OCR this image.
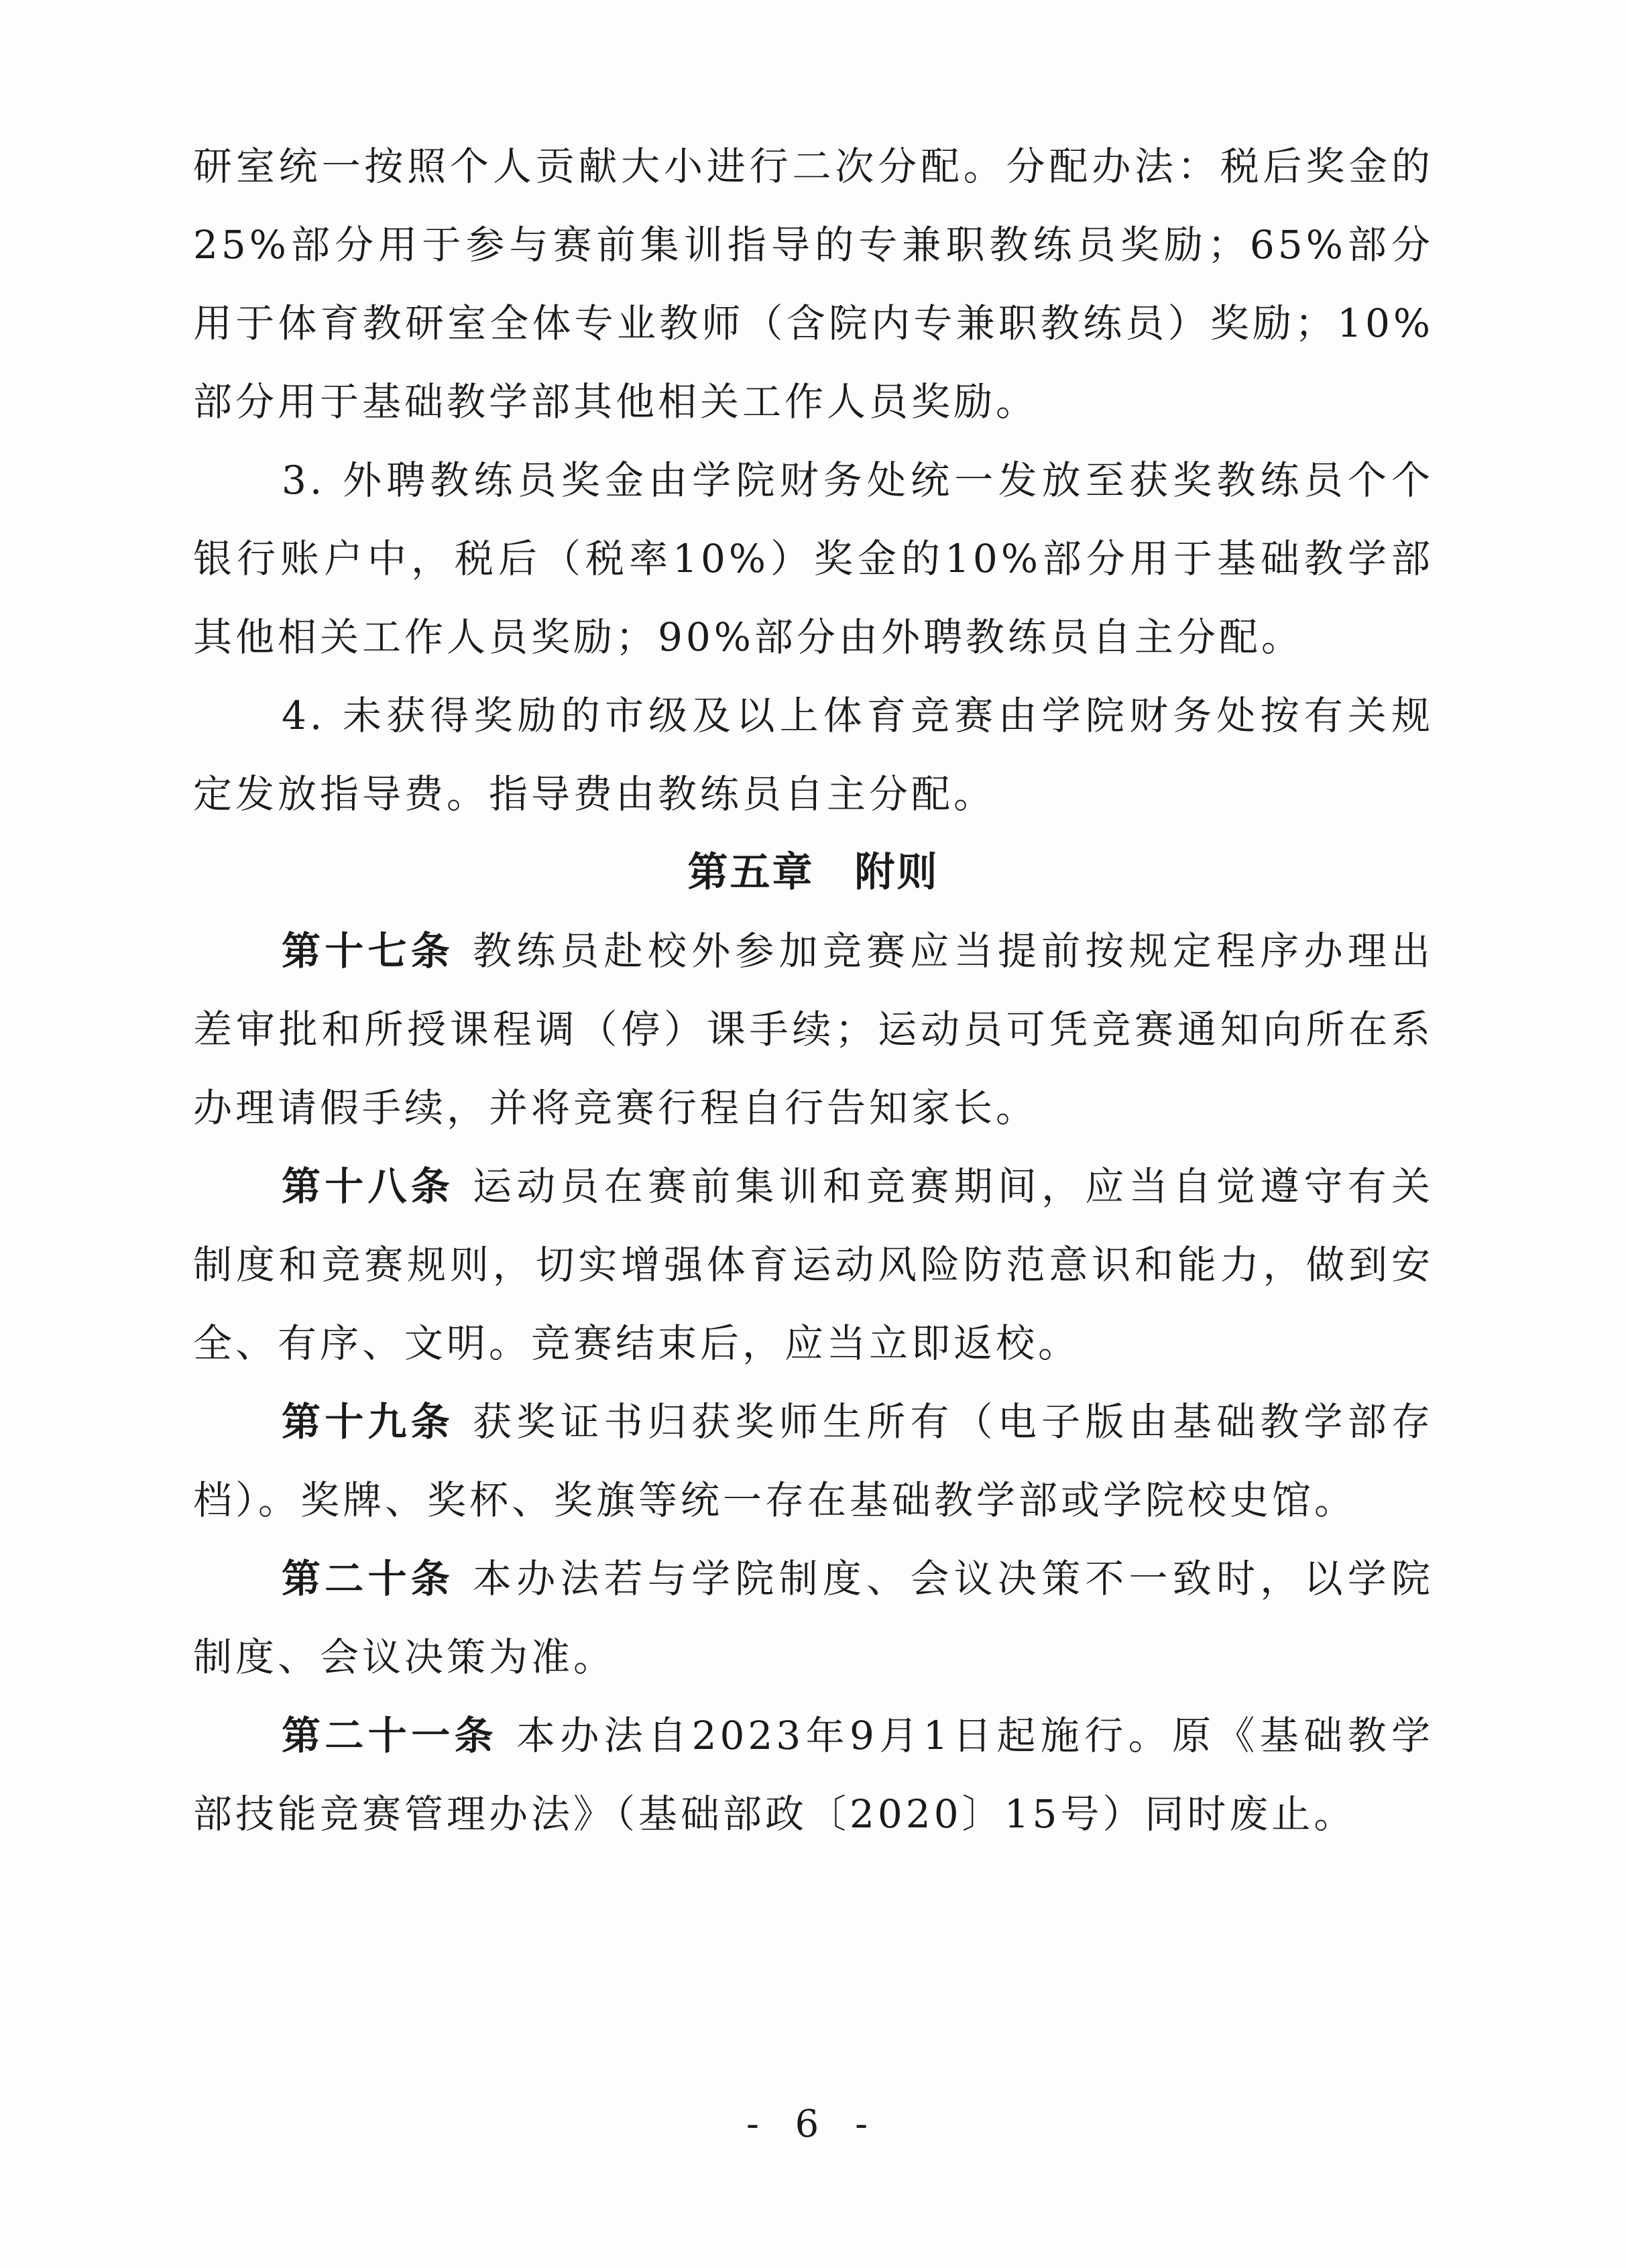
研室统一按照个人贡献大小进行二次分配。分配办法：税后奖金的25%部分用于参与赛前集训指导的专兼职教练员奖励；65%部分用于体育教研室全体专业教师（含院内专兼职教练员）奖励；10%部分用于基础教学部其他相关工作人员奖励。

3. 外聘教练员奖金由学院财务处统一发放至获奖教练员个个银行账户中，税后（税率10%）奖金的10%部分用于基础教学部其他相关工作人员奖励；90%部分由外聘教练员自主分配。

4. 未获得奖励的市级及以上体育竞赛由学院财务处按有关规定发放指导费。指导费由教练员自主分配。

第五章 附则

第十七条 教练员赴校外参加竞赛应当提前按规定程序办理出差审批和所授课程调（停）课手续；运动员可凭竞赛通知向所在系办理请假手续，并将竞赛行程自行告知家长。

第十八条 运动员在赛前集训和竞赛期间，应当自觉遵守有关制度和竞赛规则，切实增强体育运动风险防范意识和能力，做到安全、有序、文明。竞赛结束后，应当立即返校。

第十九条 获奖证书归获奖师生所有（电子版由基础教学部存档）。奖牌、奖杯、奖旗等统一存在基础教学部或学院校史馆。

第二十条 本办法若与学院制度、会议决策不一致时，以学院制度、会议决策为准。

第二十一条 本办法自2023年9月1日起施行。原《基础教学部技能竞赛管理办法》（基础部政〔2020〕15号）同时废止。

- 6 -
